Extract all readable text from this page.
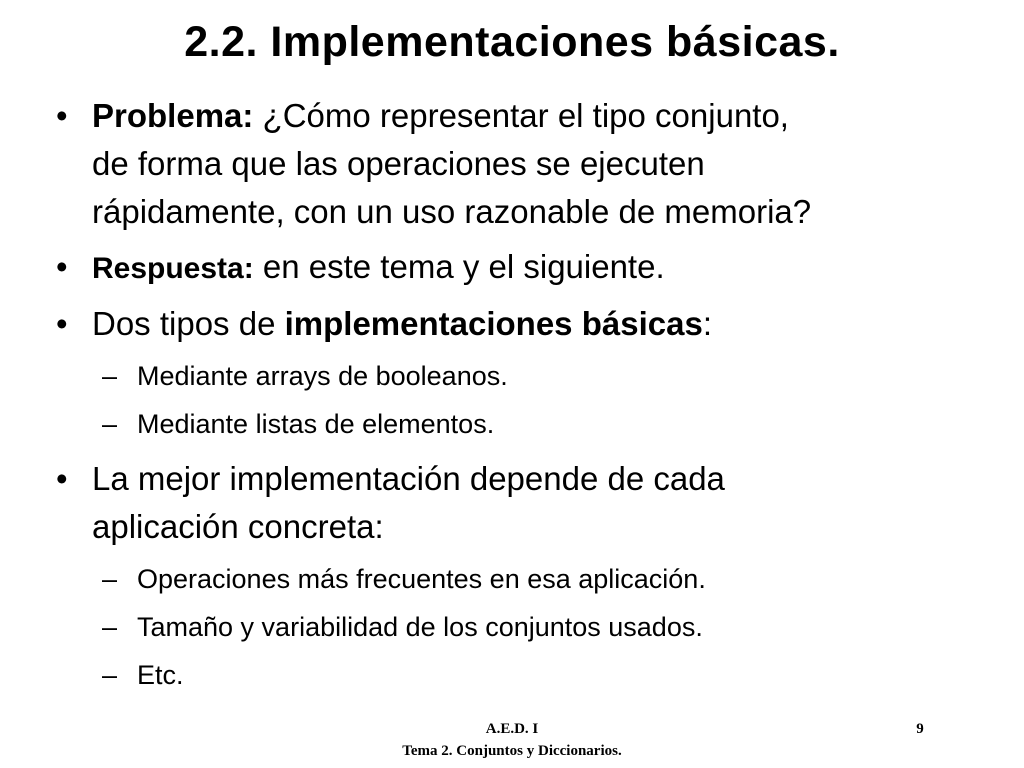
2.2. Implementaciones básicas.
• Problema: ¿Cómo representar el tipo conjunto,
de forma que las operaciones se ejecuten
rápidamente, con un uso razonable de memoria?
• Respuesta: en este tema y el siguiente.
• Dos tipos de implementaciones básicas:
– Mediante arrays de booleanos.
– Mediante listas de elementos.
• La mejor implementación depende de cada
aplicación concreta:
– Operaciones más frecuentes en esa aplicación.
– Tamaño y variabilidad de los conjuntos usados.
– Etc.
A.E.D. I
Tema 2. Conjuntos y Diccionarios.
9
